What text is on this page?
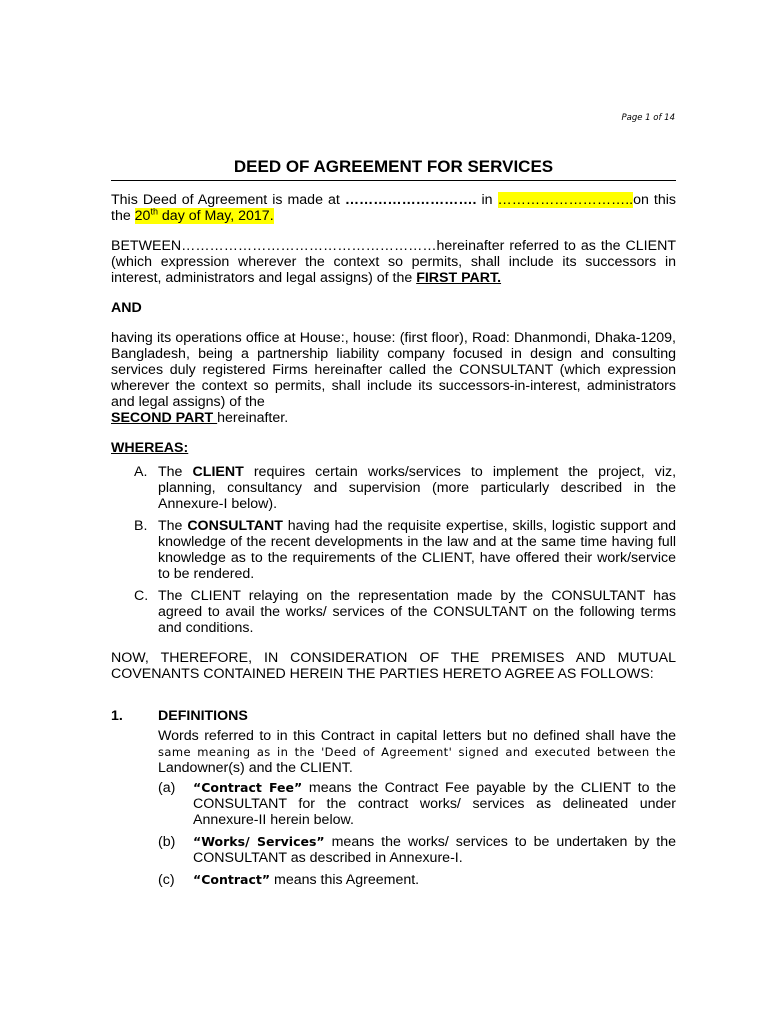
Page 1 of 14
DEED OF AGREEMENT FOR SERVICES

This Deed of Agreement is made at ………………………. in ………………………..on this the 20th day of May, 2017.

BETWEEN………………………………………………hereinafter referred to as the CLIENT (which expression wherever the context so permits, shall include its successors in interest, administrators and legal assigns) of the FIRST PART.

AND

having its operations office at House:, house: (first floor), Road: Dhanmondi, Dhaka-1209, Bangladesh, being a partnership liability company focused in design and consulting services duly registered Firms hereinafter called the CONSULTANT (which expression wherever the context so permits, shall include its successors-in-interest, administrators and legal assigns) of the
SECOND PART hereinafter.

WHEREAS:

A. The CLIENT requires certain works/services to implement the project, viz, planning, consultancy and supervision (more particularly described in the Annexure-I below).
B. The CONSULTANT having had the requisite expertise, skills, logistic support and knowledge of the recent developments in the law and at the same time having full knowledge as to the requirements of the CLIENT, have offered their work/service to be rendered.
C. The CLIENT relaying on the representation made by the CONSULTANT has agreed to avail the works/ services of the CONSULTANT on the following terms and conditions.

NOW, THEREFORE, IN CONSIDERATION OF THE PREMISES AND MUTUAL COVENANTS CONTAINED HEREIN THE PARTIES HERETO AGREE AS FOLLOWS:

1. DEFINITIONS

Words referred to in this Contract in capital letters but no defined shall have the same meaning as in the 'Deed of Agreement' signed and executed between the Landowner(s) and the CLIENT.

(a) “Contract Fee” means the Contract Fee payable by the CLIENT to the CONSULTANT for the contract works/ services as delineated under Annexure-II herein below.
(b) “Works/ Services” means the works/ services to be undertaken by the CONSULTANT as described in Annexure-I.
(c) “Contract” means this Agreement.
